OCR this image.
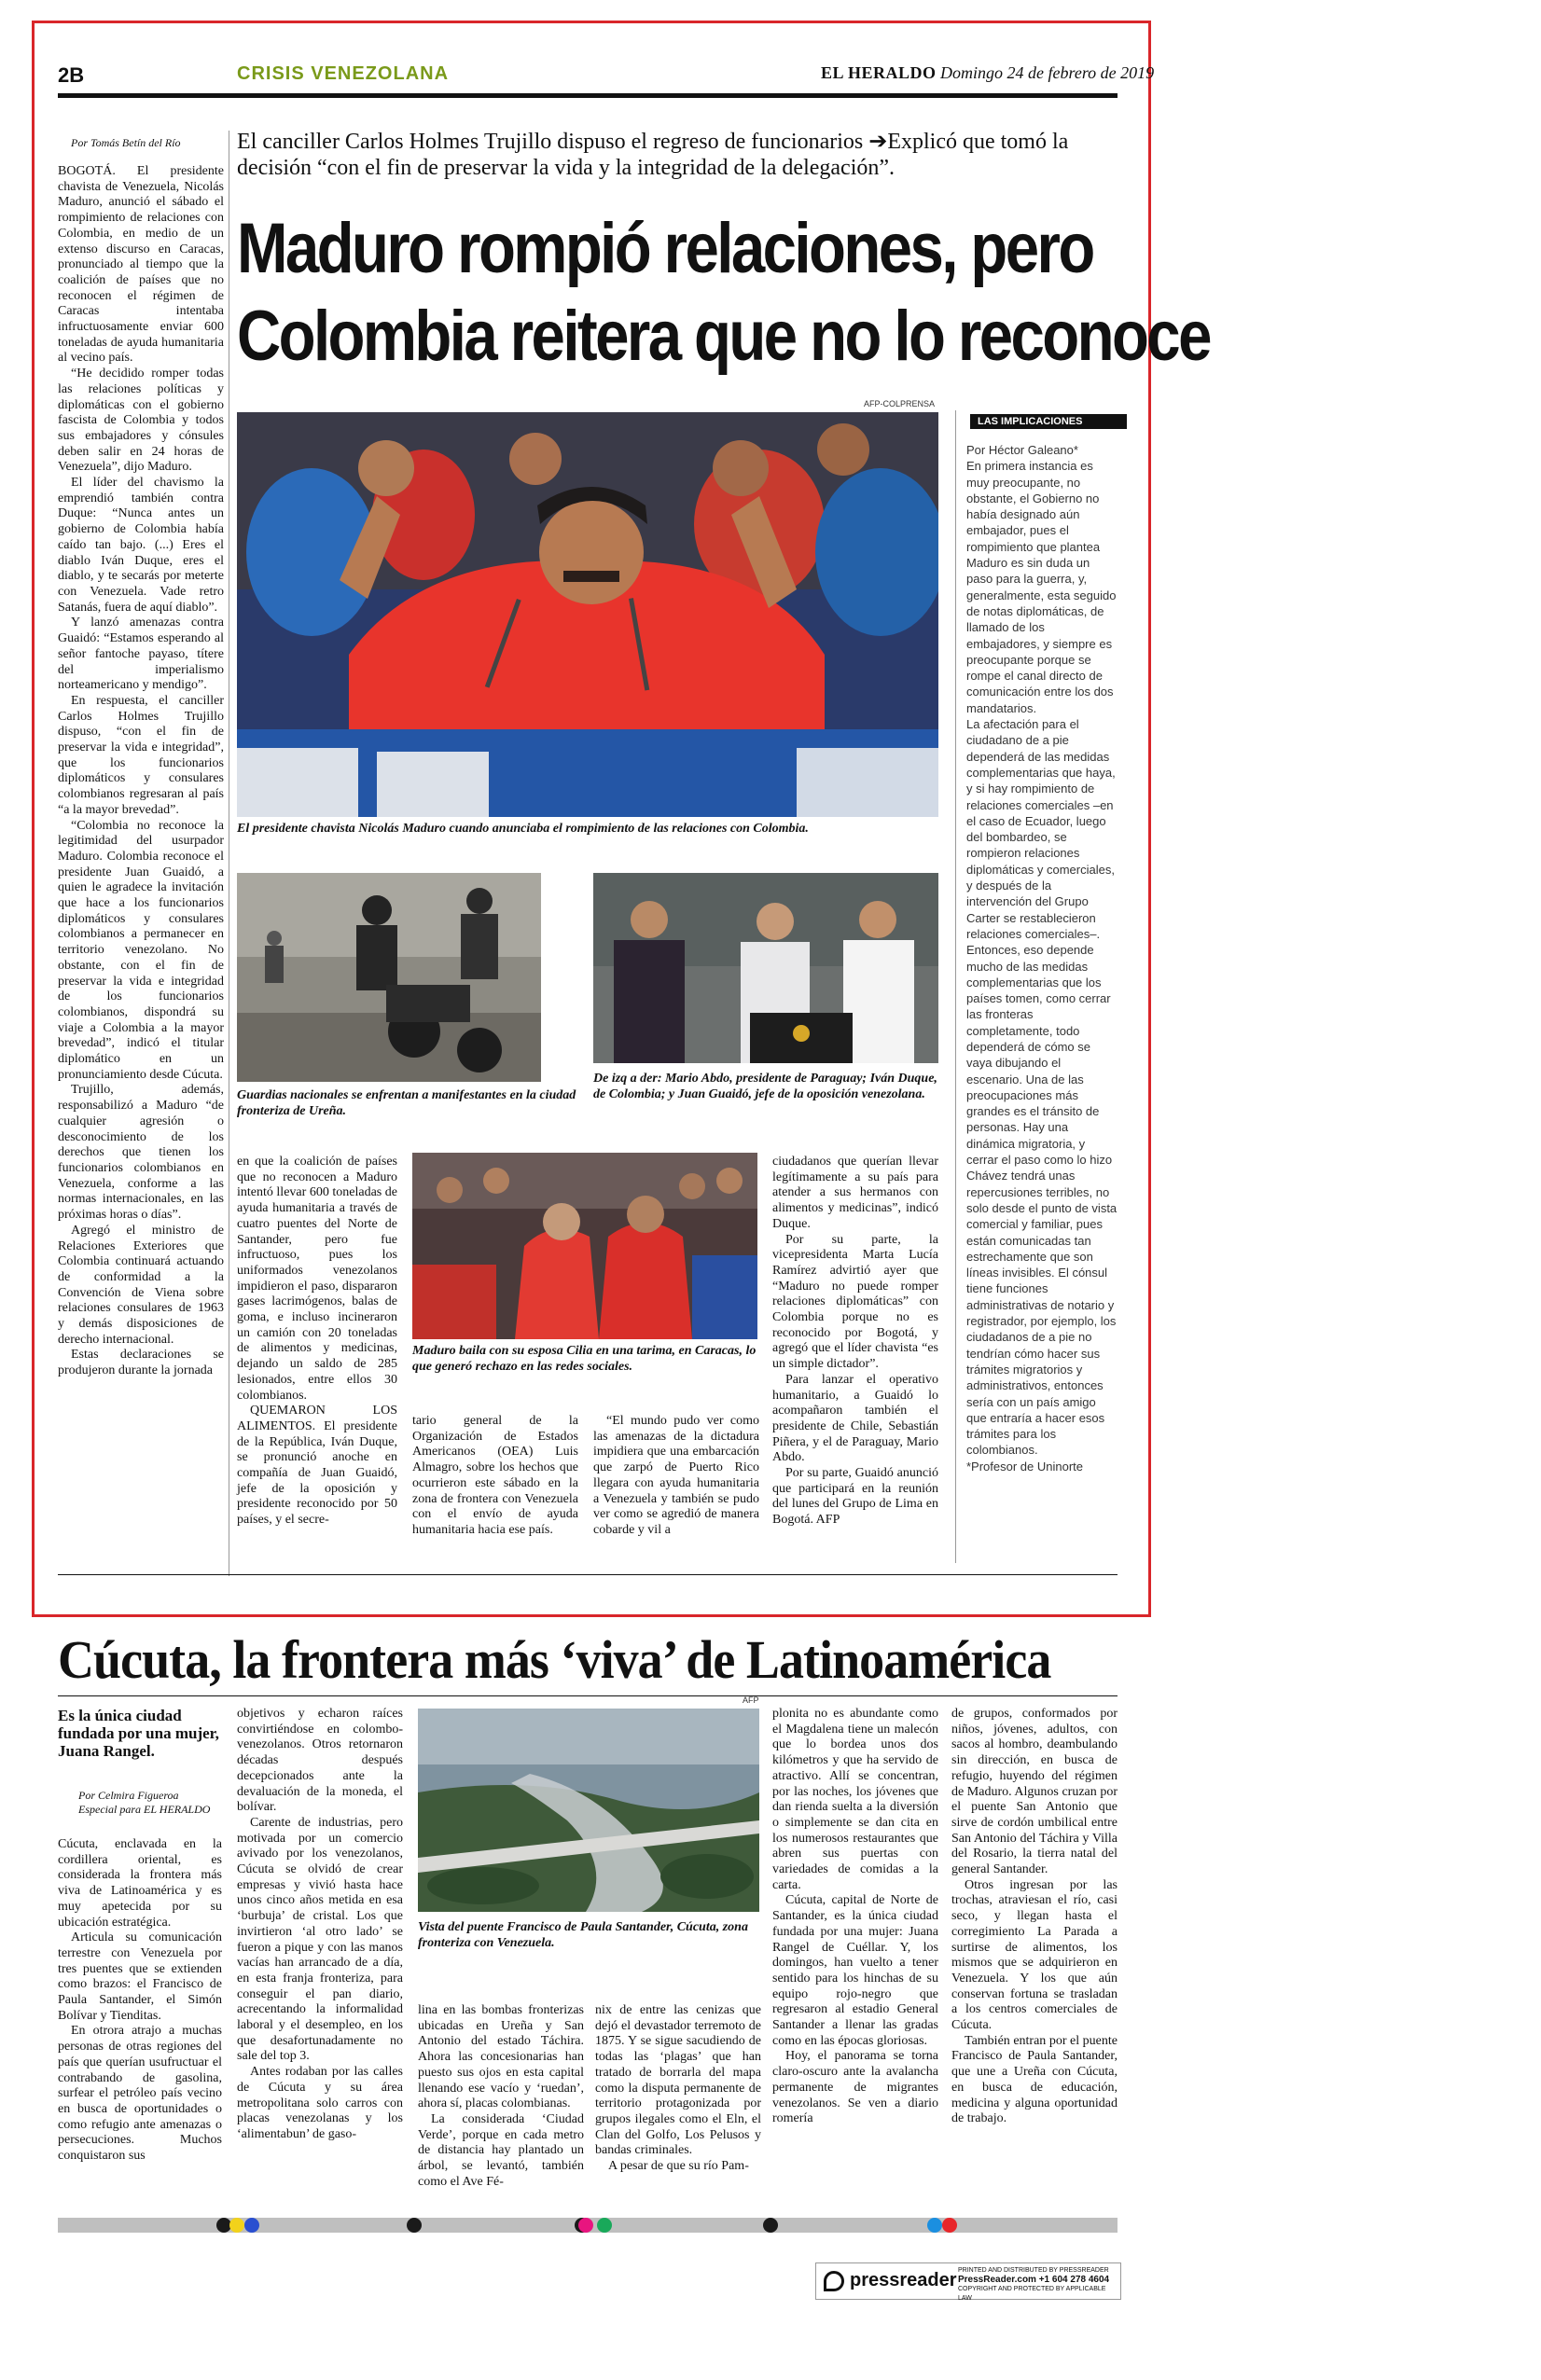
2B	CRISIS VENEZOLANA	EL HERALDO Domingo 24 de febrero de 2019
Por Tomás Betín del Río

BOGOTÁ. El presidente chavista de Venezuela, Nicolás Maduro, anunció el sábado el rompimiento de relaciones con Colombia, en medio de un extenso discurso en Caracas, pronunciado al tiempo que la coalición de países que no reconocen el régimen de Caracas intentaba infructuosamente enviar 600 toneladas de ayuda humanitaria al vecino país.

“He decidido romper todas las relaciones políticas y diplomáticas con el gobierno fascista de Colombia y todos sus embajadores y cónsules deben salir en 24 horas de Venezuela”, dijo Maduro.

El líder del chavismo la emprendió también contra Duque: “Nunca antes un gobierno de Colombia había caído tan bajo. (...) Eres el diablo Iván Duque, eres el diablo, y te secarás por meterte con Venezuela. Vade retro Satanás, fuera de aquí diablo”.

Y lanzó amenazas contra Guaidó: “Estamos esperando al señor fantoche payaso, títere del imperialismo norteamericano y mendigo”.

En respuesta, el canciller Carlos Holmes Trujillo dispuso, “con el fin de preservar la vida e integridad”, que los funcionarios diplomáticos y consulares colombianos regresaran al país “a la mayor brevedad”.

“Colombia no reconoce la legitimidad del usurpador Maduro. Colombia reconoce el presidente Juan Guaidó, a quien le agradece la invitación que hace a los funcionarios diplomáticos y consulares colombianos a permanecer en territorio venezolano. No obstante, con el fin de preservar la vida e integridad de los funcionarios colombianos, dispondrá su viaje a Colombia a la mayor brevedad”, indicó el titular diplomático en un pronunciamiento desde Cúcuta.

Trujillo, además, responsabilizó a Maduro “de cualquier agresión o desconocimiento de los derechos que tienen los funcionarios colombianos en Venezuela, conforme a las normas internacionales, en las próximas horas o días”.

Agregó el ministro de Relaciones Exteriores que Colombia continuará actuando de conformidad a la Convención de Viena sobre relaciones consulares de 1963 y demás disposiciones de derecho internacional.

Estas declaraciones se produjeron durante la jornada

El canciller Carlos Holmes Trujillo dispuso el regreso de funcionarios ➔Explicó que tomó la decisión “con el fin de preservar la vida y la integridad de la delegación”.
Maduro rompió relaciones, pero
Colombia reitera que no lo reconoce
AFP-COLPRENSA
El presidente chavista Nicolás Maduro cuando anunciaba el rompimiento de las relaciones con Colombia.
LAS IMPLICACIONES

Por Héctor Galeano*

En primera instancia es muy preocupante, no obstante, el Gobierno no había designado aún embajador, pues el rompimiento que plantea Maduro es sin duda un paso para la guerra, y, generalmente, esta seguido de notas diplomáticas, de llamado de los embajadores, y siempre es preocupante porque se rompe el canal directo de comunicación entre los dos mandatarios.

La afectación para el ciudadano de a pie dependerá de las medidas complementarias que haya, y si hay rompimiento de relaciones comerciales –en el caso de Ecuador, luego del bombardeo, se rompieron relaciones diplomáticas y comerciales, y después de la intervención del Grupo Carter se restablecieron relaciones comerciales–. Entonces, eso depende mucho de las medidas complementarias que los países tomen, como cerrar las fronteras completamente, todo dependerá de cómo se vaya dibujando el escenario. Una de las preocupaciones más grandes es el tránsito de personas. Hay una dinámica migratoria, y cerrar el paso como lo hizo Chávez tendrá unas repercusiones terribles, no solo desde el punto de vista comercial y familiar, pues están comunicadas tan estrechamente que son líneas invisibles. El cónsul tiene funciones administrativas de notario y registrador, por ejemplo, los ciudadanos de a pie no tendrían cómo hacer sus trámites migratorios y administrativos, entonces sería con un país amigo que entraría a hacer esos trámites para los colombianos.

*Profesor de Uninorte

Guardias nacionales se enfrentan a manifestantes en la ciudad fronteriza de Ureña.
De izq a der: Mario Abdo, presidente de Paraguay; Iván Duque, de Colombia; y Juan Guaidó, jefe de la oposición venezolana.

en que la coalición de países que no reconocen a Maduro intentó llevar 600 toneladas de ayuda humanitaria a través de cuatro puentes del Norte de Santander, pero fue infructuoso, pues los uniformados venezolanos impidieron el paso, dispararon gases lacrimógenos, balas de goma, e incluso incineraron un camión con 20 toneladas de alimentos y medicinas, dejando un saldo de 285 lesionados, entre ellos 30 colombianos.

QUEMARON LOS ALIMENTOS. El presidente de la República, Iván Duque, se pronunció anoche en compañía de Juan Guaidó, jefe de la oposición y presidente reconocido por 50 países, y el secre-

Maduro baila con su esposa Cilia en una tarima, en Caracas, lo que generó rechazo en las redes sociales.

tario general de la Organización de Estados Americanos (OEA) Luis Almagro, sobre los hechos que ocurrieron este sábado en la zona de frontera con Venezuela con el envío de ayuda humanitaria hacia ese país.

“El mundo pudo ver como las amenazas de la dictadura impidiera que una embarcación que zarpó de Puerto Rico llegara con ayuda humanitaria a Venezuela y también se pudo ver como se agredió de manera cobarde y vil a

ciudadanos que querían llevar legítimamente a su país para atender a sus hermanos con alimentos y medicinas”, indicó Duque.

Por su parte, la vicepresidenta Marta Lucía Ramírez advirtió ayer que “Maduro no puede romper relaciones diplomáticas” con Colombia porque no es reconocido por Bogotá, y agregó que el líder chavista “es un simple dictador”.

Para lanzar el operativo humanitario, a Guaidó lo acompañaron también el presidente de Chile, Sebastián Piñera, y el de Paraguay, Mario Abdo.

Por su parte, Guaidó anunció que participará en la reunión del lunes del Grupo de Lima en Bogotá. AFP

Cúcuta, la frontera más ‘viva’ de Latinoamérica
Es la única ciudad fundada por una mujer, Juana Rangel.
Por Celmira Figueroa Especial para EL HERALDO

Cúcuta, enclavada en la cordillera oriental, es considerada la frontera más viva de Latinoamérica y es muy apetecida por su ubicación estratégica.

Articula su comunicación terrestre con Venezuela por tres puentes que se extienden como brazos: el Francisco de Paula Santander, el Simón Bolívar y Tienditas.

En otrora atrajo a muchas personas de otras regiones del país que querían usufructuar el contrabando de gasolina, surfear el petróleo país vecino en busca de oportunidades o como refugio ante amenazas o persecuciones. Muchos conquistaron sus

objetivos y echaron raíces convirtiéndose en colombo-venezolanos. Otros retornaron décadas después decepcionados ante la devaluación de la moneda, el bolívar.

Carente de industrias, pero motivada por un comercio avivado por los venezolanos, Cúcuta se olvidó de crear empresas y vivió hasta hace unos cinco años metida en esa ‘burbuja’ de cristal. Los que invirtieron ‘al otro lado’ se fueron a pique y con las manos vacías han arrancado de a día, en esta franja fronteriza, para conseguir el pan diario, acrecentando la informalidad laboral y el desempleo, en los que desafortunadamente no sale del top 3.

Antes rodaban por las calles de Cúcuta y su área metropolitana solo carros con placas venezolanas y los ‘alimentabun’ de gaso-

AFP
Vista del puente Francisco de Paula Santander, Cúcuta, zona fronteriza con Venezuela.

lina en las bombas fronterizas ubicadas en Ureña y San Antonio del estado Táchira. Ahora las concesionarias han puesto sus ojos en esta capital llenando ese vacío y ‘ruedan’, ahora sí, placas colombianas.

La considerada ‘Ciudad Verde’, porque en cada metro de distancia hay plantado un árbol, se levantó, también como el Ave Fé-

nix de entre las cenizas que dejó el devastador terremoto de 1875. Y se sigue sacudiendo de todas las ‘plagas’ que han tratado de borrarla del mapa como la disputa permanente de territorio protagonizada por grupos ilegales como el Eln, el Clan del Golfo, Los Pelusos y bandas criminales.

A pesar de que su río Pam-

plonita no es abundante como el Magdalena tiene un malecón que lo bordea unos dos kilómetros y que ha servido de atractivo. Allí se concentran, por las noches, los jóvenes que dan rienda suelta a la diversión o simplemente se dan cita en los numerosos restaurantes que abren sus puertas con variedades de comidas a la carta.

Cúcuta, capital de Norte de Santander, es la única ciudad fundada por una mujer: Juana Rangel de Cuéllar. Y, los domingos, han vuelto a tener sentido para los hinchas de su equipo rojo-negro que regresaron al estadio General Santander a llenar las gradas como en las épocas gloriosas.

Hoy, el panorama se torna claro-oscuro ante la avalancha permanente de migrantes venezolanos. Se ven a diario romería

de grupos, conformados por niños, jóvenes, adultos, con sacos al hombro, deambulando sin dirección, en busca de refugio, huyendo del régimen de Maduro. Algunos cruzan por el puente San Antonio que sirve de cordón umbilical entre San Antonio del Táchira y Villa del Rosario, la tierra natal del general Santander.

Otros ingresan por las trochas, atraviesan el río, casi seco, y llegan hasta el corregimiento La Parada a surtirse de alimentos, los mismos que se adquirieron en Venezuela. Y los que aún conservan fortuna se trasladan a los centros comerciales de Cúcuta.

También entran por el puente Francisco de Paula Santander, que une a Ureña con Cúcuta, en busca de educación, medicina y alguna oportunidad de trabajo.

pressreader PRINTED AND DISTRIBUTED BY PRESSREADER
PressReader.com +1 604 278 4604
COPYRIGHT AND PROTECTED BY APPLICABLE LAW
